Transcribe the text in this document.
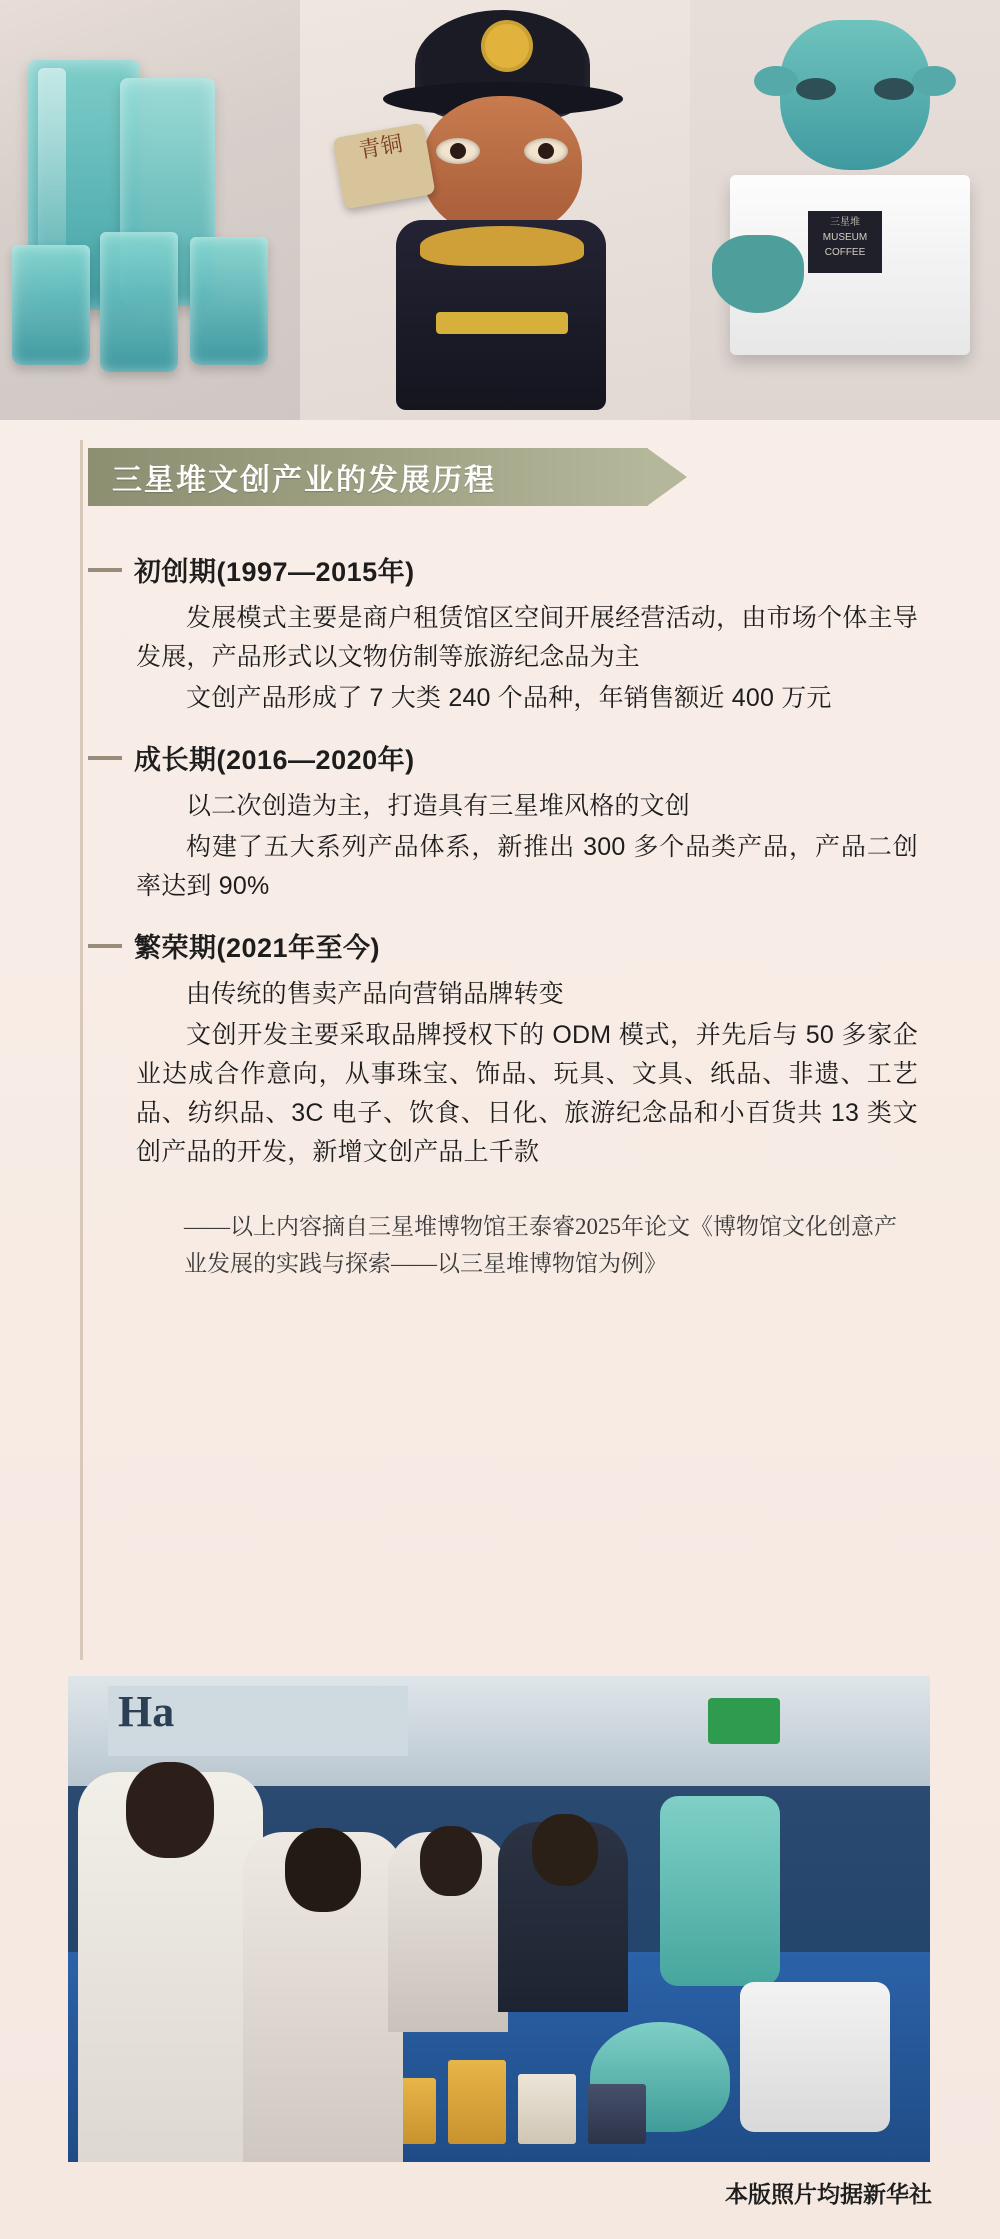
青铜
三星堆 MUSEUM COFFEE
三星堆文创产业的发展历程
初创期(1997—2015年)

发展模式主要是商户租赁馆区空间开展经营活动，由市场个体主导发展，产品形式以文物仿制等旅游纪念品为主

文创产品形成了 7 大类 240 个品种，年销售额近 400 万元

成长期(2016—2020年)

以二次创造为主，打造具有三星堆风格的文创

构建了五大系列产品体系，新推出 300 多个品类产品，产品二创率达到 90%

繁荣期(2021年至今)

由传统的售卖产品向营销品牌转变

文创开发主要采取品牌授权下的 ODM 模式，并先后与 50 多家企业达成合作意向，从事珠宝、饰品、玩具、文具、纸品、非遗、工艺品、纺织品、3C 电子、饮食、日化、旅游纪念品和小百货共 13 类文创产品的开发，新增文创产品上千款

——以上内容摘自三星堆博物馆王泰睿2025年论文《博物馆文化创意产业发展的实践与探索——以三星堆博物馆为例》
Ha
本版照片均据新华社
